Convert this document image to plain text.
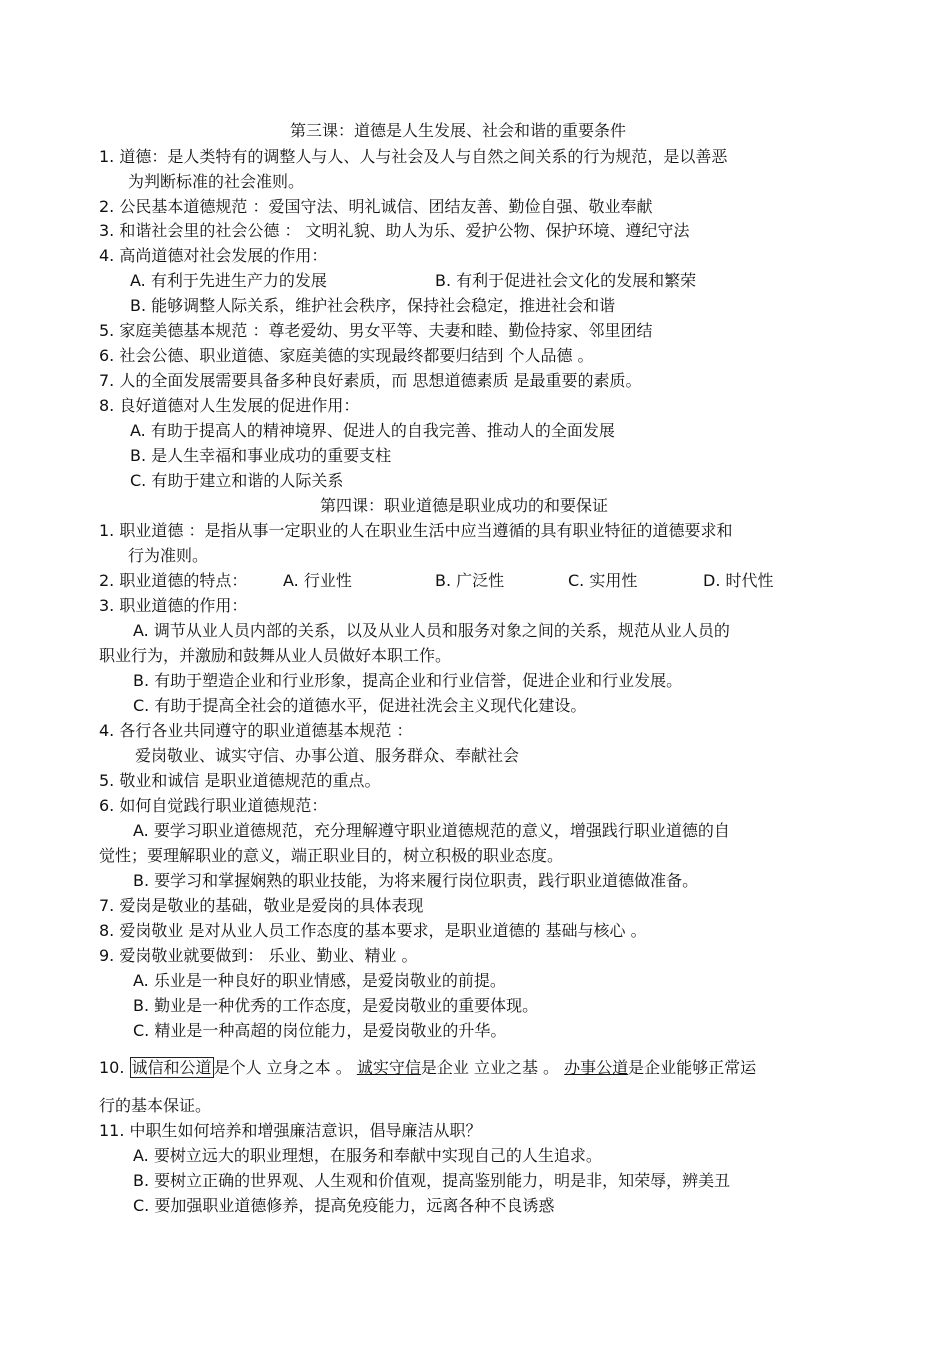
第三课：道德是人生发展、社会和谐的重要条件
1. 道德：是人类特有的调整人与人、人与社会及人与自然之间关系的行为规范，是以善恶
为判断标准的社会准则。
2. 公民基本道德规范 ：爱国守法、明礼诚信、团结友善、勤俭自强、敬业奉献
3. 和谐社会里的社会公德 ： 文明礼貌、助人为乐、爱护公物、保护环境、遵纪守法
4. 高尚道德对社会发展的作用：
A. 有利于先进生产力的发展	B. 有利于促进社会文化的发展和繁荣
B. 能够调整人际关系，维护社会秩序，保持社会稳定，推进社会和谐
5. 家庭美德基本规范 ：尊老爱幼、男女平等、夫妻和睦、勤俭持家、邻里团结
6. 社会公德、职业道德、家庭美德的实现最终都要归结到 个人品德 。
7. 人的全面发展需要具备多种良好素质，而 思想道德素质 是最重要的素质。
8. 良好道德对人生发展的促进作用：
A. 有助于提高人的精神境界、促进人的自我完善、推动人的全面发展
B. 是人生幸福和事业成功的重要支柱
C. 有助于建立和谐的人际关系
第四课：职业道德是职业成功的和要保证
1. 职业道德 ：是指从事一定职业的人在职业生活中应当遵循的具有职业特征的道德要求和
行为准则。
2. 职业道德的特点： A. 行业性	B. 广泛性	C. 实用性	D. 时代性
3. 职业道德的作用：
A. 调节从业人员内部的关系，以及从业人员和服务对象之间的关系，规范从业人员的
职业行为，并激励和鼓舞从业人员做好本职工作。
B. 有助于塑造企业和行业形象，提高企业和行业信誉，促进企业和行业发展。
C. 有助于提高全社会的道德水平，促进社洗会主义现代化建设。
4. 各行各业共同遵守的职业道德基本规范 ：
爱岗敬业、诚实守信、办事公道、服务群众、奉献社会
5. 敬业和诚信 是职业道德规范的重点。
6. 如何自觉践行职业道德规范：
A. 要学习职业道德规范，充分理解遵守职业道德规范的意义，增强践行职业道德的自
觉性；要理解职业的意义，端正职业目的，树立积极的职业态度。
B. 要学习和掌握娴熟的职业技能，为将来履行岗位职责，践行职业道德做准备。
7. 爱岗是敬业的基础，敬业是爱岗的具体表现
8. 爱岗敬业 是对从业人员工作态度的基本要求，是职业道德的 基础与核心 。
9. 爱岗敬业就要做到： 乐业、勤业、精业 。
A. 乐业是一种良好的职业情感，是爱岗敬业的前提。
B. 勤业是一种优秀的工作态度，是爱岗敬业的重要体现。
C. 精业是一种高超的岗位能力，是爱岗敬业的升华。
10. 诚信和公道 是个人 立身之本 。 诚实守信是企业 立业之基 。 办事公道是企业能够正常运
行的基本保证。
11. 中职生如何培养和增强廉洁意识，倡导廉洁从职？
A. 要树立远大的职业理想，在服务和奉献中实现自己的人生追求。
B. 要树立正确的世界观、人生观和价值观，提高鉴别能力，明是非，知荣辱，辨美丑
C. 要加强职业道德修养，提高免疫能力，远离各种不良诱惑
